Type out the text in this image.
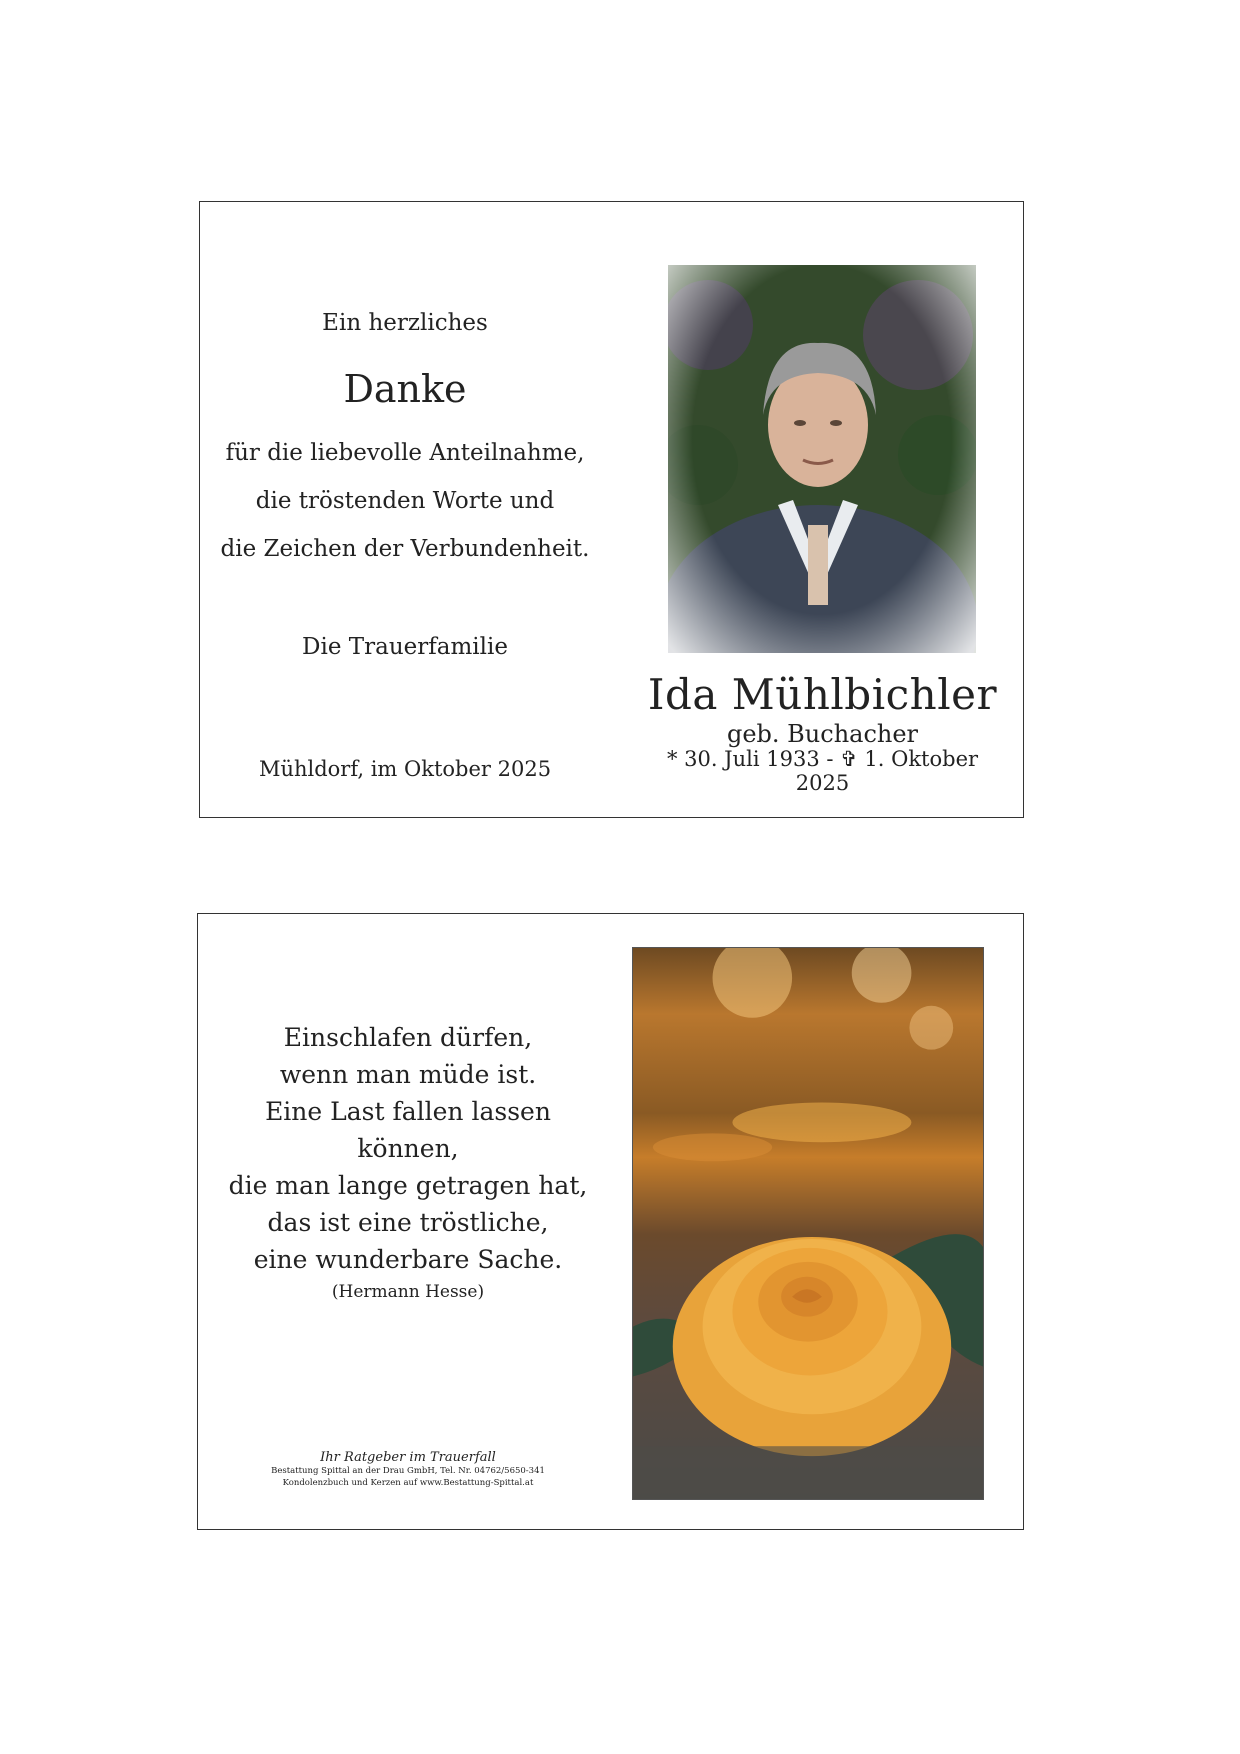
Ein herzliches
Danke
für die liebevolle Anteilnahme,
die tröstenden Worte und
die Zeichen der Verbundenheit.
Die Trauerfamilie
Mühldorf, im Oktober 2025
Ida Mühlbichler
geb. Buchacher
* 30. Juli 1933 - ✞ 1. Oktober 2025
Einschlafen dürfen,
wenn man müde ist.
Eine Last fallen lassen können,
die man lange getragen hat,
das ist eine tröstliche,
eine wunderbare Sache.
(Hermann Hesse)
Ihr Ratgeber im Trauerfall
Bestattung Spittal an der Drau GmbH, Tel. Nr. 04762/5650-341
Kondolenzbuch und Kerzen auf www.Bestattung-Spittal.at
